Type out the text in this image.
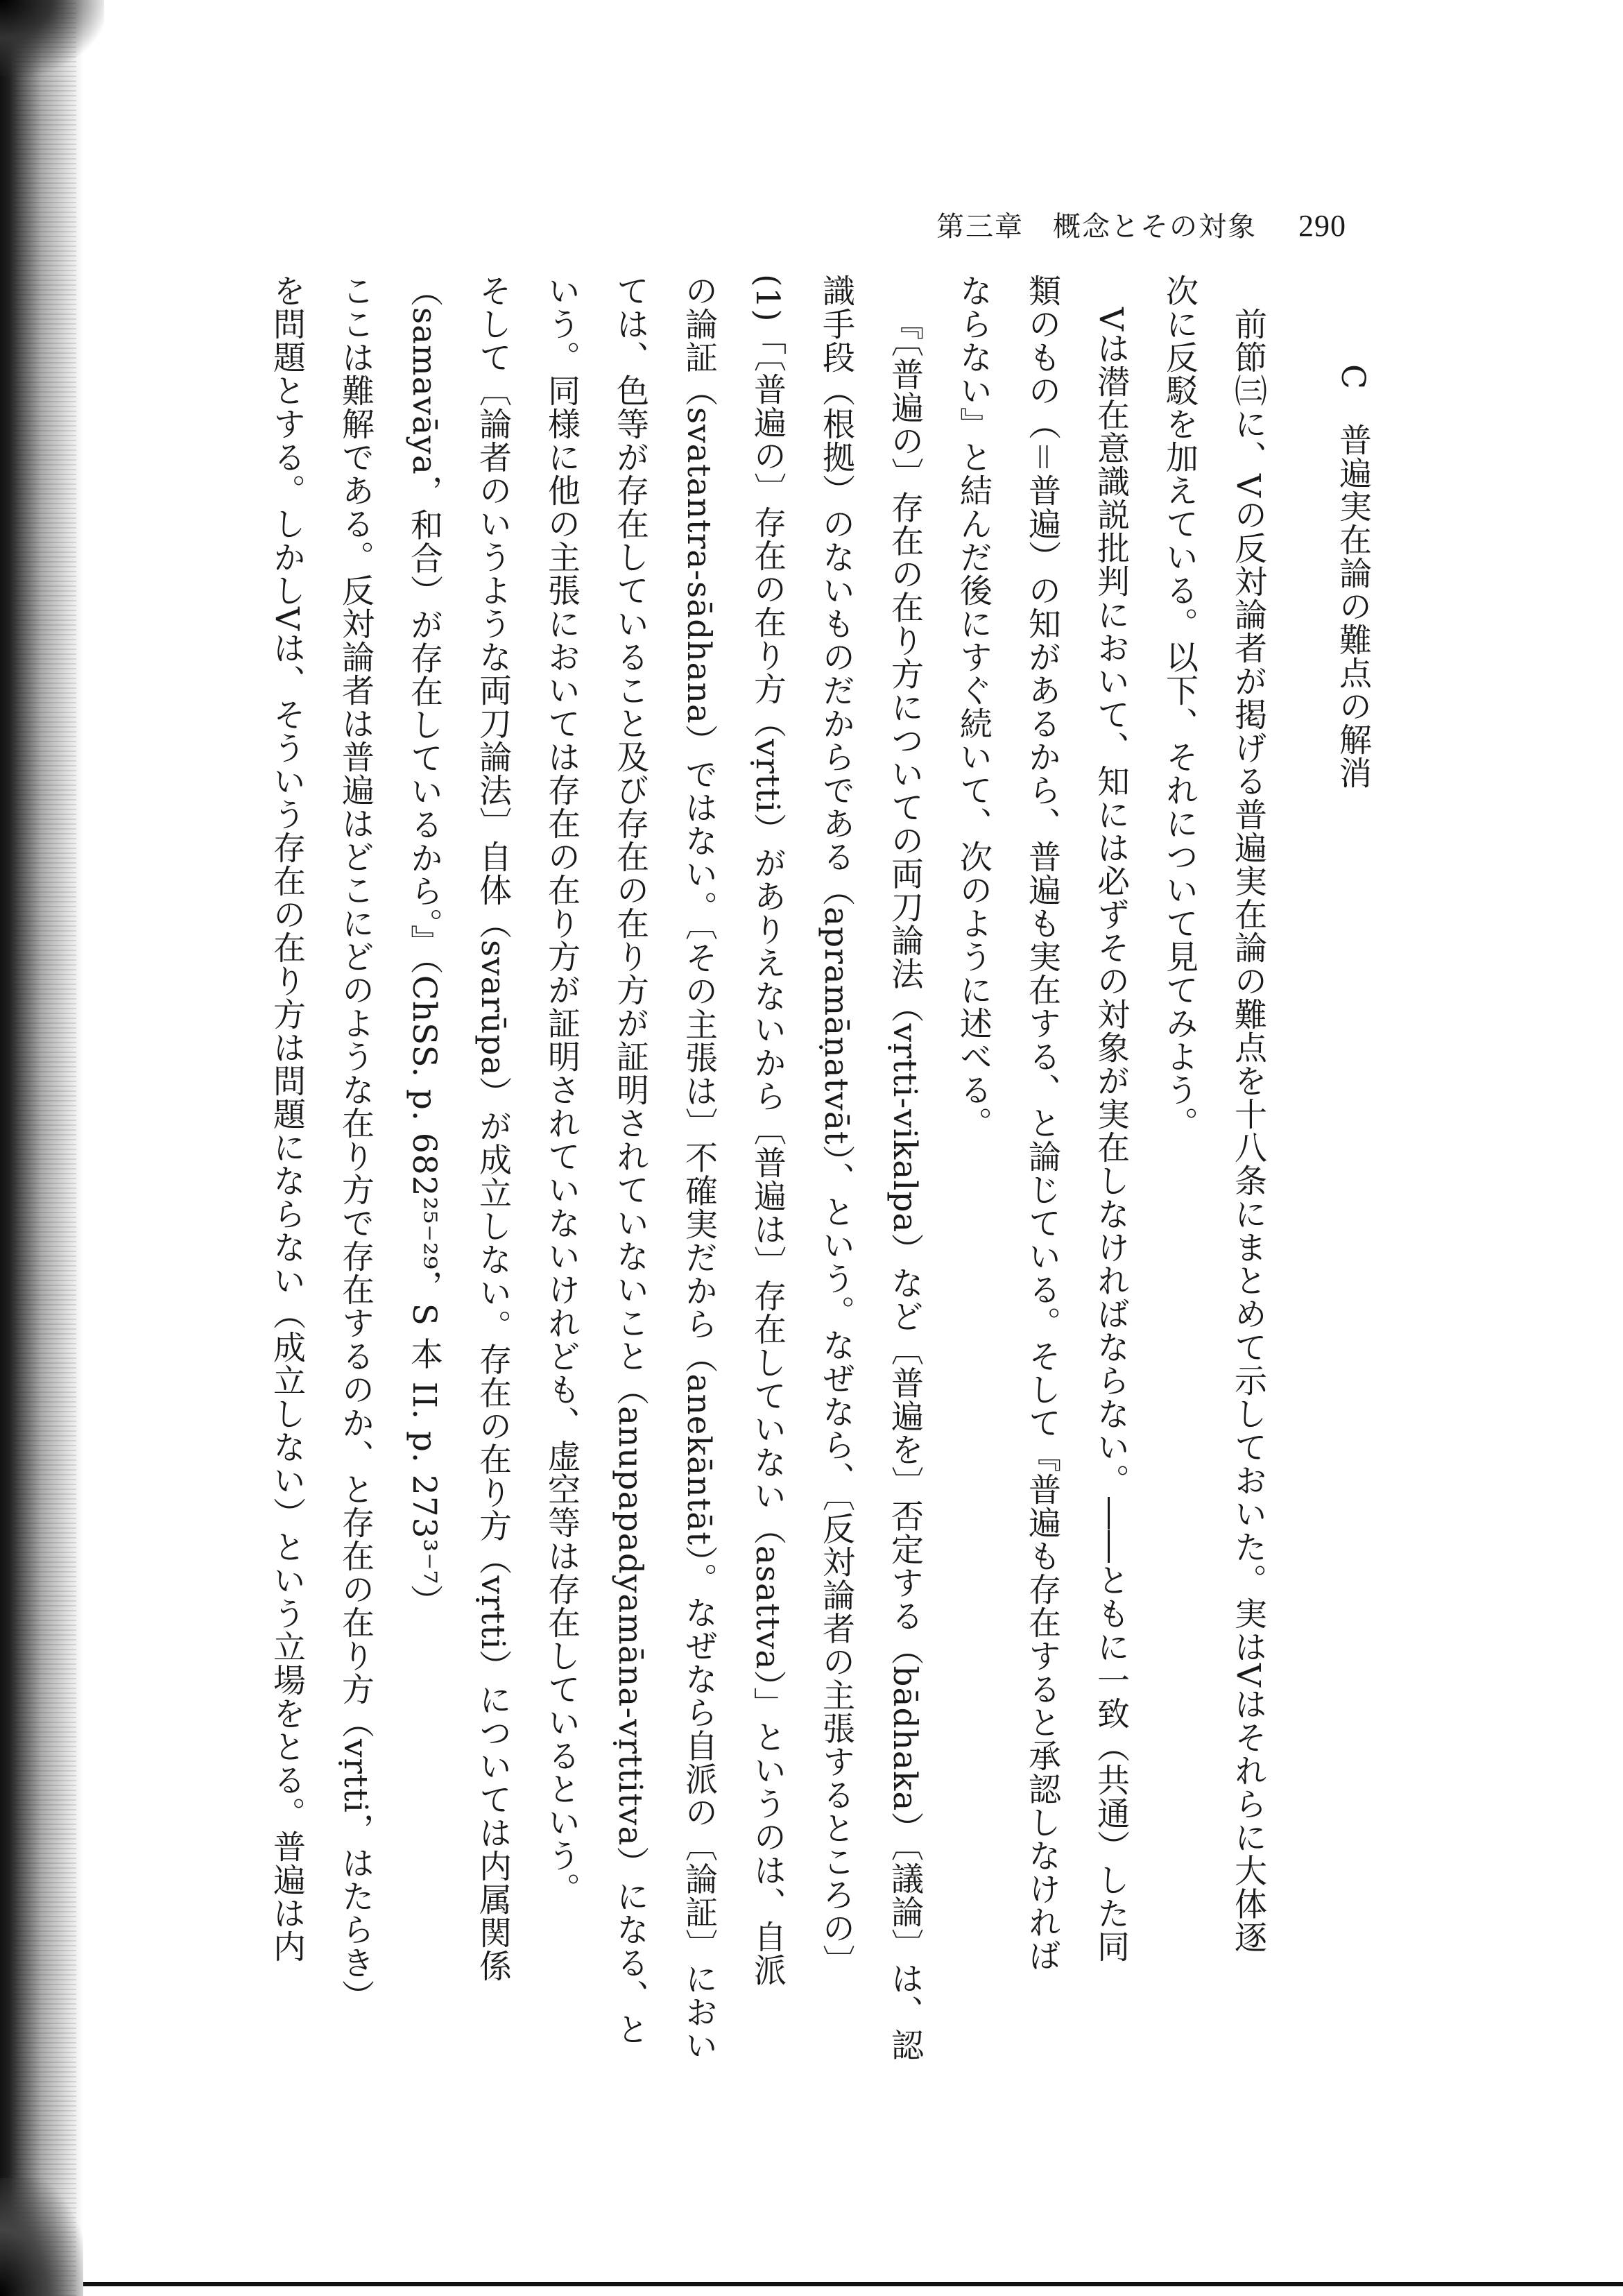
第三章　概念とその対象 290
C　普遍実在論の難点の解消
前節㈢に、Vの反対論者が掲げる普遍実在論の難点を十八条にまとめて示しておいた。実はVはそれらに大体逐
次に反駁を加えている。以下、それについて見てみよう。
Vは潜在意識説批判において、知には必ずその対象が実在しなければならない。――ともに一致（共通）した同
類のもの（＝普遍）の知があるから、普遍も実在する、と論じている。そして『普遍も存在すると承認しなければ
ならない』と結んだ後にすぐ続いて、次のように述べる。
『〔普遍の〕存在の在り方についての両刀論法（vṛtti-vikalpa）など〔普遍を〕否定する（bādhaka）〔議論〕は、認
識手段（根拠）のないものだからである（apramāṇatvāt）、という。なぜなら、〔反対論者の主張するところの〕
(1)「〔普遍の〕存在の在り方（vṛtti）がありえないから〔普遍は〕存在していない（asattva）」というのは、自派
の論証（svatantra-sādhana）ではない。〔その主張は〕不確実だから（anekāntāt）。なぜなら自派の〔論証〕におい
ては、色等が存在していること及び存在の在り方が証明されていないこと（anupapadyamāna-vṛttitva）になる、と
いう。同様に他の主張においては存在の在り方が証明されていないけれども、虚空等は存在しているという。
そして〔論者のいうような両刀論法〕自体（svarūpa）が成立しない。存在の在り方（vṛtti）については内属関係
（samavāya，和合）が存在しているから。』（ChSS. p. 682²⁵⁻²⁹，S 本 II. p. 273³⁻⁷）
ここは難解である。反対論者は普遍はどこにどのような在り方で存在するのか、と存在の在り方（vṛtti，はたらき）
を問題とする。しかしVは、そういう存在の在り方は問題にならない（成立しない）という立場をとる。普遍は内
